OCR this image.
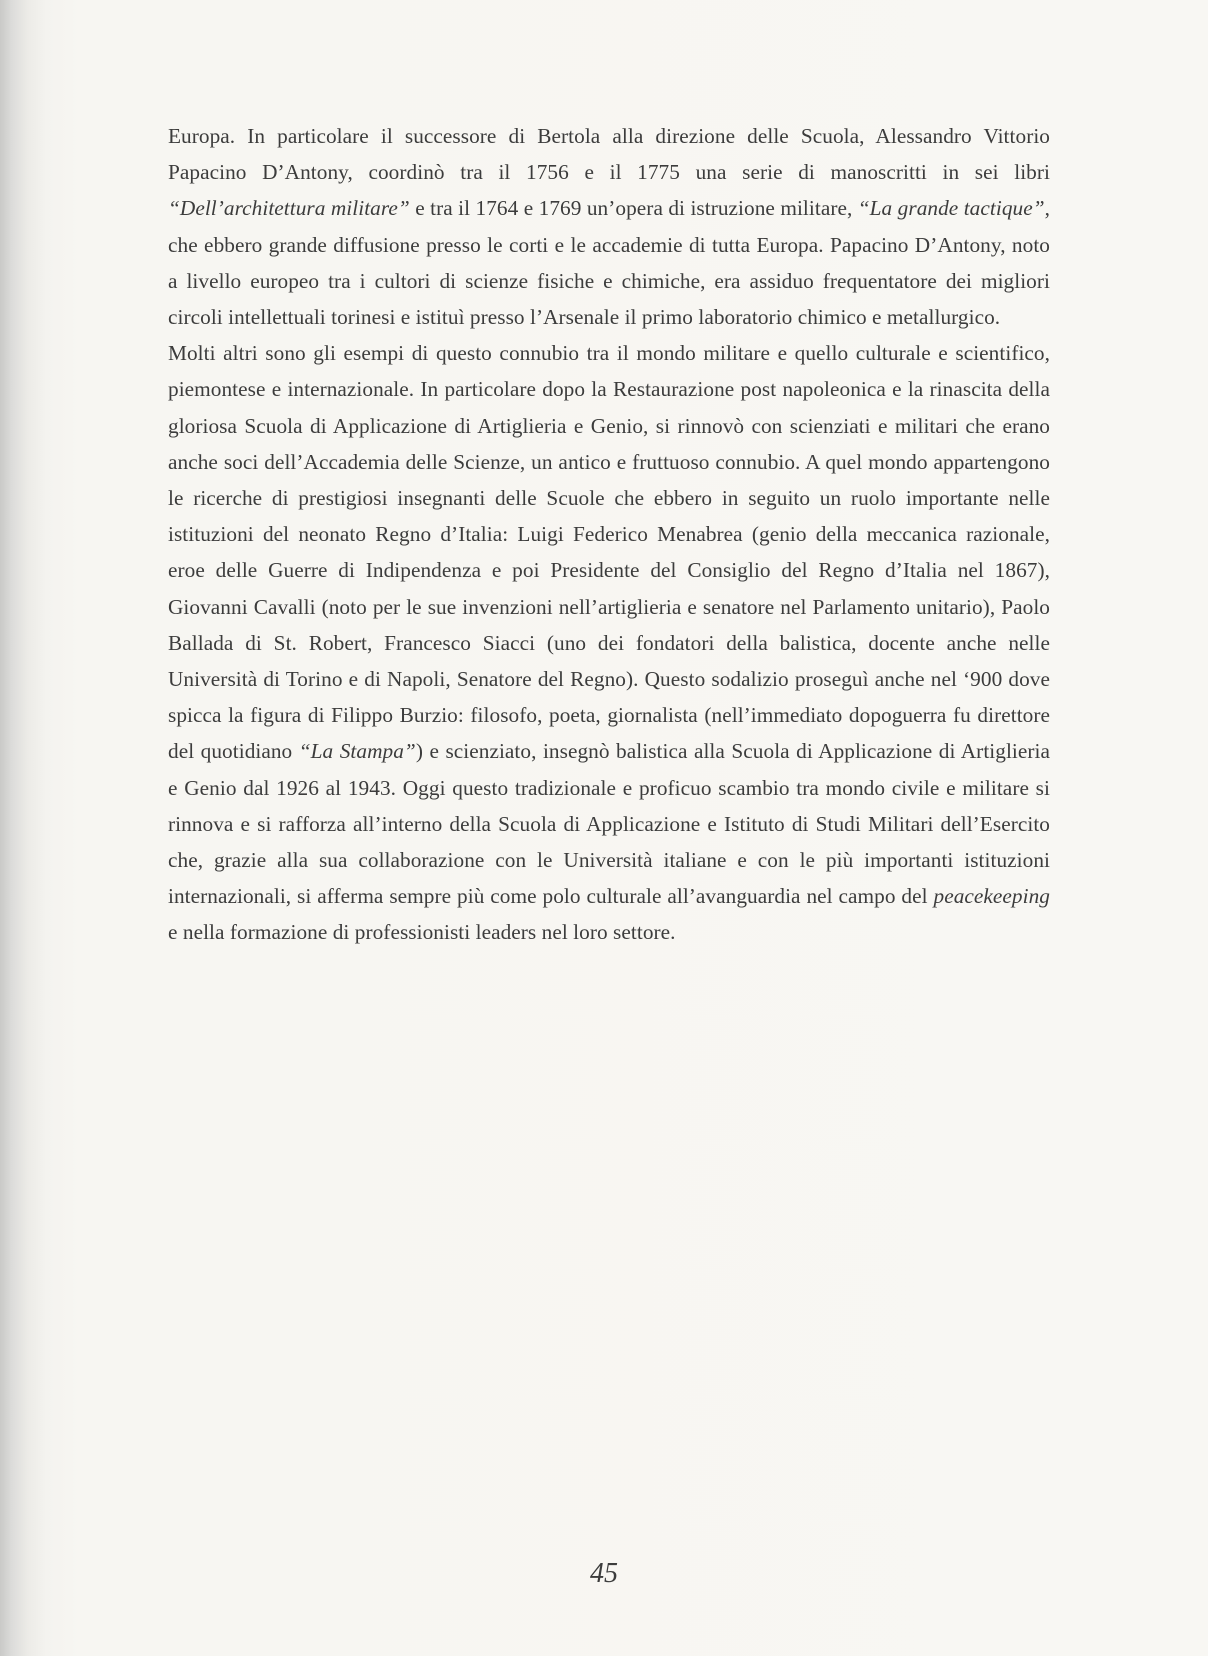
Europa. In particolare il successore di Bertola alla direzione delle Scuola, Alessandro Vittorio Papacino D’Antony, coordinò tra il 1756 e il 1775 una serie di manoscritti in sei libri “Dell’architettura militare” e tra il 1764 e 1769 un’opera di istruzione militare, “La grande tactique”, che ebbero grande diffusione presso le corti e le accademie di tutta Europa. Papacino D’Antony, noto a livello europeo tra i cultori di scienze fisiche e chimiche, era assiduo frequentatore dei migliori circoli intellettuali torinesi e istituì presso l’Arsenale il primo laboratorio chimico e metallurgico.

Molti altri sono gli esempi di questo connubio tra il mondo militare e quello culturale e scientifico, piemontese e internazionale. In particolare dopo la Restaurazione post napoleonica e la rinascita della gloriosa Scuola di Applicazione di Artiglieria e Genio, si rinnovò con scienziati e militari che erano anche soci dell’Accademia delle Scienze, un antico e fruttuoso connubio. A quel mondo appartengono le ricerche di prestigiosi insegnanti delle Scuole che ebbero in seguito un ruolo importante nelle istituzioni del neonato Regno d’Italia: Luigi Federico Menabrea (genio della meccanica razionale, eroe delle Guerre di Indipendenza e poi Presidente del Consiglio del Regno d’Italia nel 1867), Giovanni Cavalli (noto per le sue invenzioni nell’artiglieria e senatore nel Parlamento unitario), Paolo Ballada di St. Robert, Francesco Siacci (uno dei fondatori della balistica, docente anche nelle Università di Torino e di Napoli, Senatore del Regno). Questo sodalizio proseguì anche nel ‘900 dove spicca la figura di Filippo Burzio: filosofo, poeta, giornalista (nell’immediato dopoguerra fu direttore del quotidiano “La Stampa”) e scienziato, insegnò balistica alla Scuola di Applicazione di Artiglieria e Genio dal 1926 al 1943. Oggi questo tradizionale e proficuo scambio tra mondo civile e militare si rinnova e si rafforza all’interno della Scuola di Applicazione e Istituto di Studi Militari dell’Esercito che, grazie alla sua collaborazione con le Università italiane e con le più importanti istituzioni internazionali, si afferma sempre più come polo culturale all’avanguardia nel campo del peacekeeping e nella formazione di professionisti leaders nel loro settore.

45
